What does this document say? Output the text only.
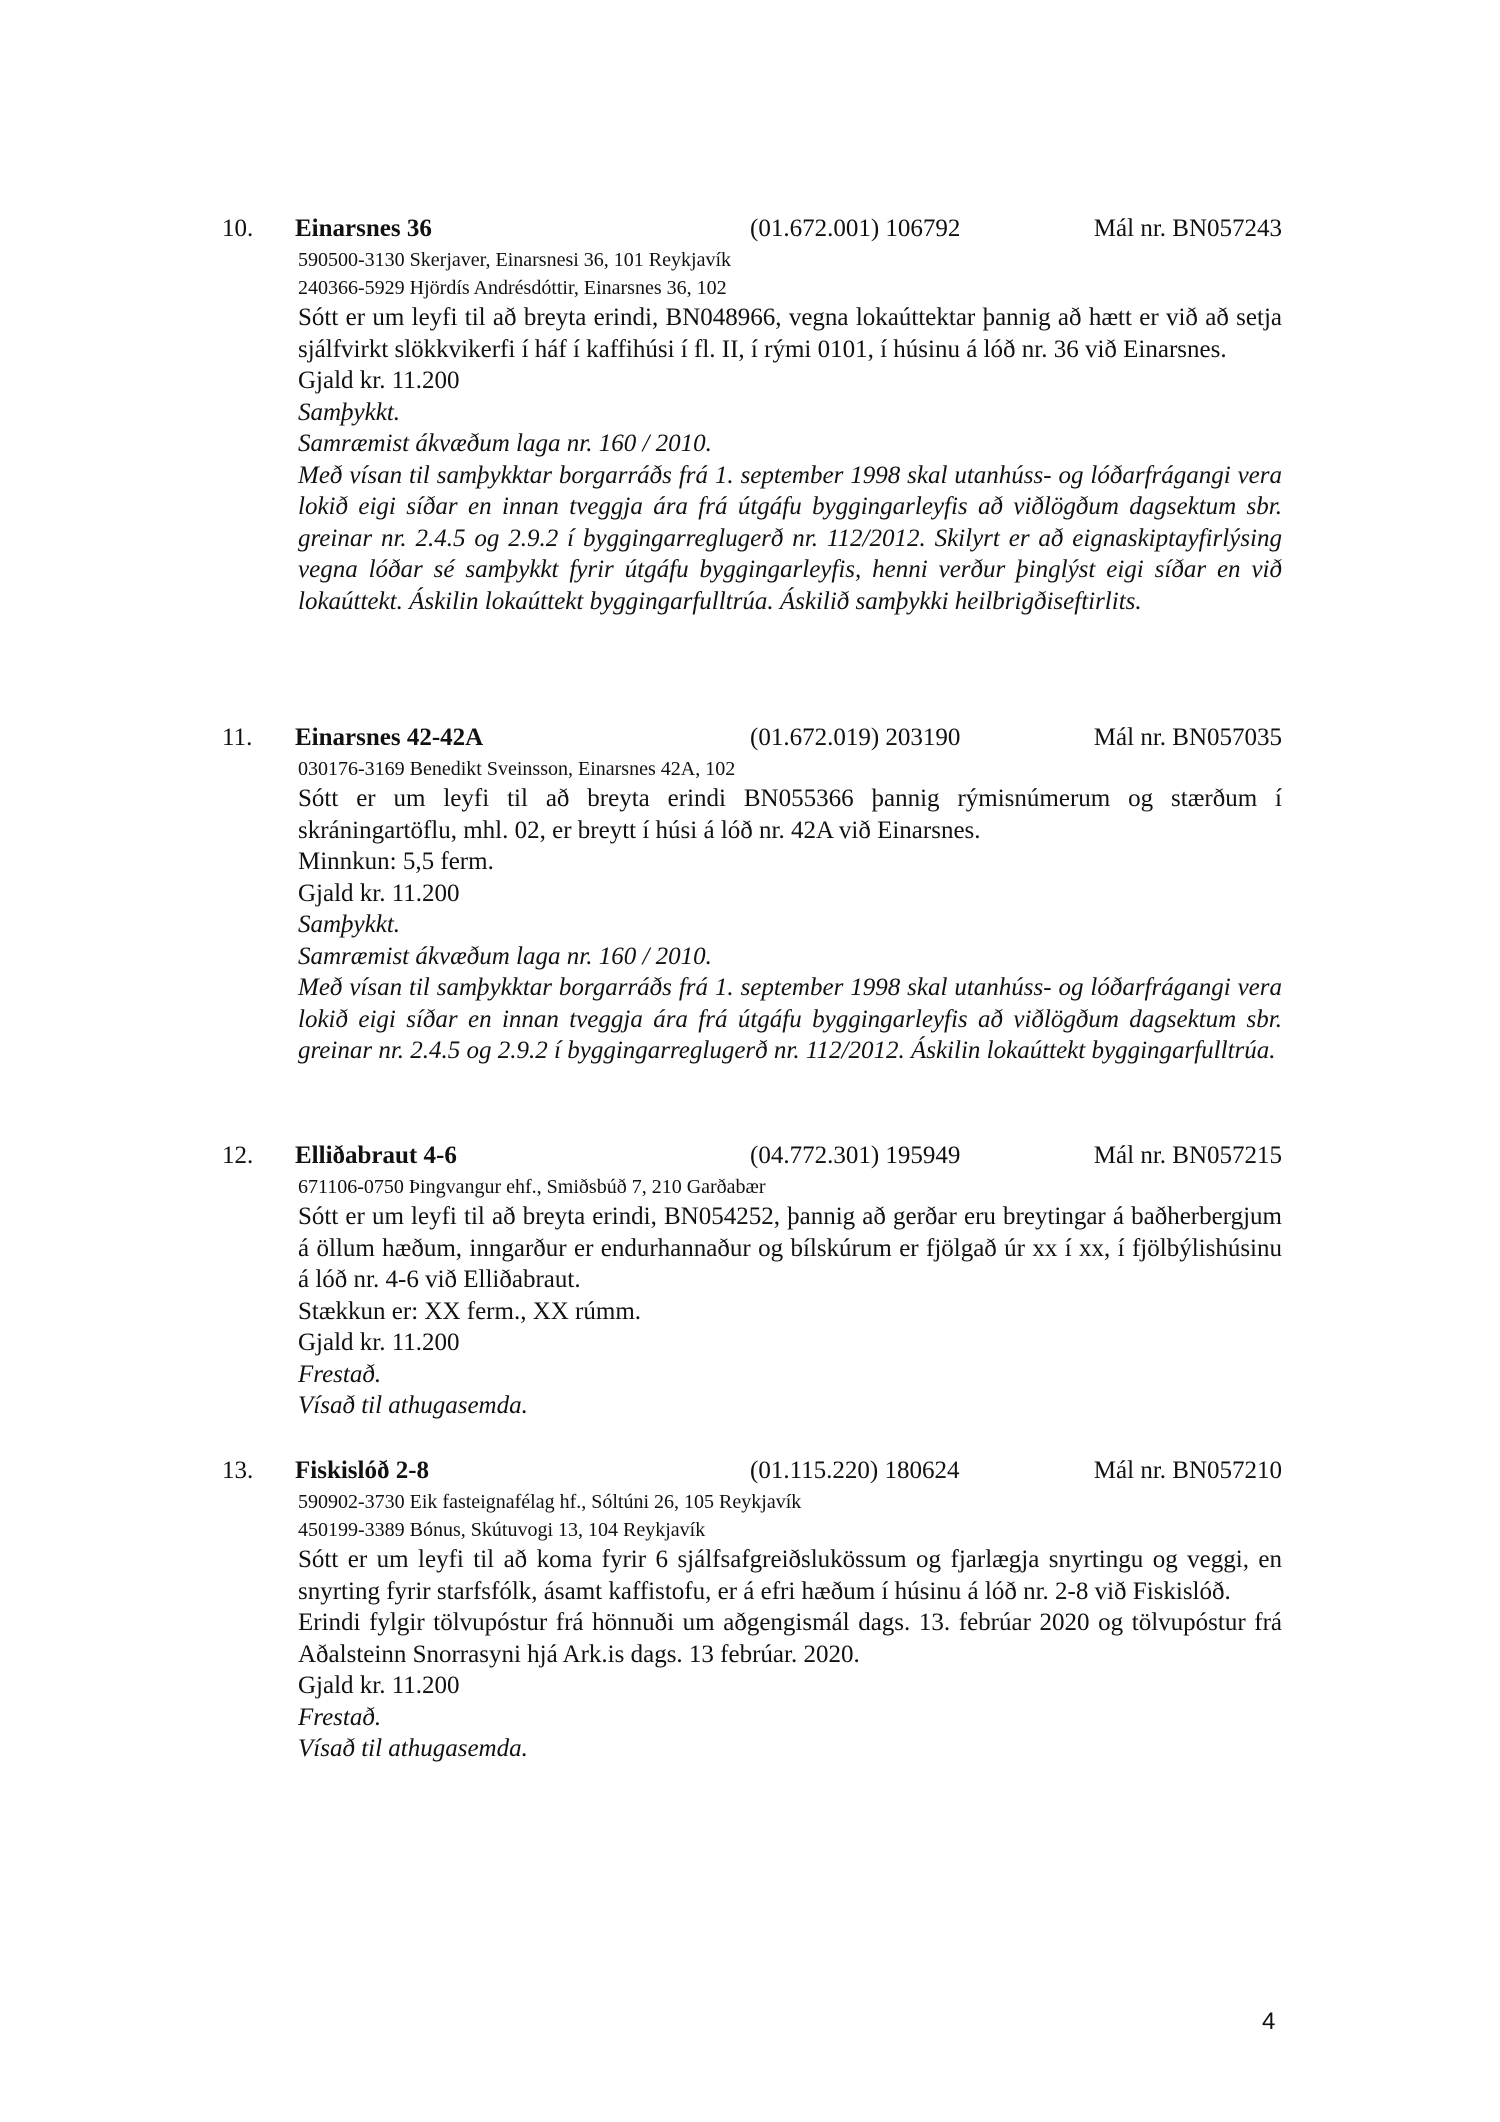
10. Einarsnes 36	(01.672.001) 106792	Mál nr. BN057243
590500-3130 Skerjaver, Einarsnesi 36, 101 Reykjavík
240366-5929 Hjördís Andrésdóttir, Einarsnes 36, 102
Sótt er um leyfi til að breyta erindi, BN048966, vegna lokaúttektar þannig að hætt er við að setja sjálfvirkt slökkvikerfi í háf í kaffihúsi í fl. II, í rými 0101, í húsinu á lóð nr. 36 við Einarsnes.
Gjald kr. 11.200
Samþykkt.
Samræmist ákvæðum laga nr. 160 / 2010.
Með vísan til samþykktar borgarráðs frá 1. september 1998 skal utanhúss- og lóðarfrágangi vera lokið eigi síðar en innan tveggja ára frá útgáfu byggingarleyfis að viðlögðum dagsektum sbr. greinar nr. 2.4.5 og 2.9.2 í byggingarreglugerð nr. 112/2012. Skilyrt er að eignaskiptayfirlýsing vegna lóðar sé samþykkt fyrir útgáfu byggingarleyfis, henni verður þinglýst eigi síðar en við lokaúttekt. Áskilin lokaúttekt byggingarfulltrúa. Áskilið samþykki heilbrigðiseftirlits.
11. Einarsnes 42-42A	(01.672.019) 203190	Mál nr. BN057035
030176-3169 Benedikt Sveinsson, Einarsnes 42A, 102
Sótt er um leyfi til að breyta erindi BN055366 þannig rýmisnúmerum og stærðum í skráningartöflu, mhl. 02, er breytt í húsi á lóð nr. 42A við Einarsnes.
Minnkun: 5,5 ferm.
Gjald kr. 11.200
Samþykkt.
Samræmist ákvæðum laga nr. 160 / 2010.
Með vísan til samþykktar borgarráðs frá 1. september 1998 skal utanhúss- og lóðarfrágangi vera lokið eigi síðar en innan tveggja ára frá útgáfu byggingarleyfis að viðlögðum dagsektum sbr. greinar nr. 2.4.5 og 2.9.2 í byggingarreglugerð nr. 112/2012. Áskilin lokaúttekt byggingarfulltrúa.
12. Elliðabraut 4-6	(04.772.301) 195949	Mál nr. BN057215
671106-0750 Þingvangur ehf., Smiðsbúð 7, 210 Garðabær
Sótt er um leyfi til að breyta erindi, BN054252, þannig að gerðar eru breytingar á baðherbergjum á öllum hæðum, inngarður er endurhannaður og bílskúrum er fjölgað úr xx í xx, í fjölbýlishúsinu á lóð nr. 4-6 við Elliðabraut.
Stækkun er: XX ferm., XX rúmm.
Gjald kr. 11.200
Frestað.
Vísað til athugasemda.
13. Fiskislóð 2-8	(01.115.220) 180624	Mál nr. BN057210
590902-3730 Eik fasteignafélag hf., Sóltúni 26, 105 Reykjavík
450199-3389 Bónus, Skútuvogi 13, 104 Reykjavík
Sótt er um leyfi til að koma fyrir 6 sjálfsafgreiðslukössum og fjarlægja snyrtingu og veggi, en snyrting fyrir starfsfólk, ásamt kaffistofu, er á efri hæðum í húsinu á lóð nr. 2-8 við Fiskislóð.
Erindi fylgir tölvupóstur frá hönnuði um aðgengismál dags. 13. febrúar 2020 og tölvupóstur frá Aðalsteinn Snorrasyni hjá Ark.is dags. 13 febrúar. 2020.
Gjald kr. 11.200
Frestað.
Vísað til athugasemda.
4
